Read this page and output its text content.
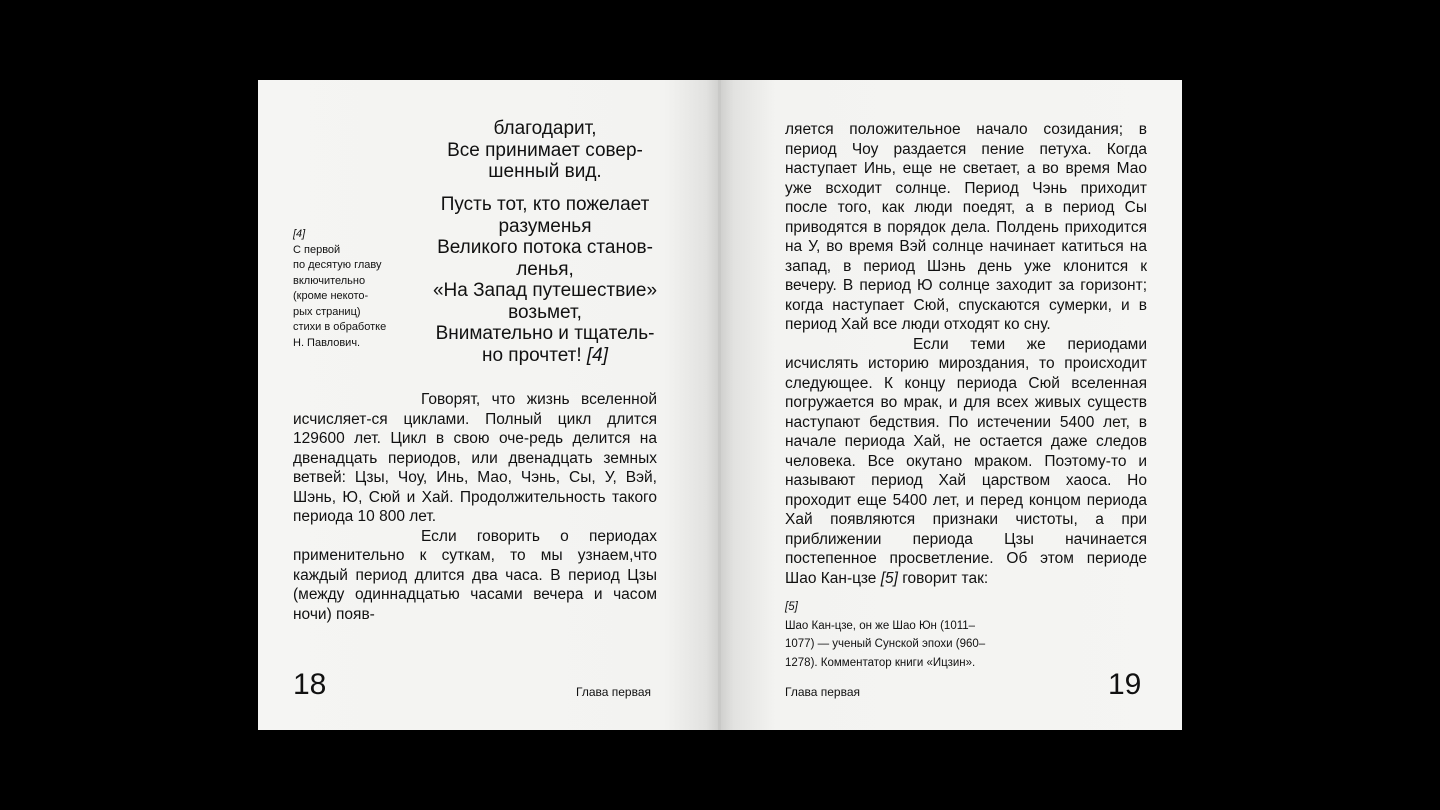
благодарит,

Все принимает совер-

шенный вид.

Пусть тот, кто пожелает

разуменья

Великого потока станов-

ленья,

«На Запад путешествие»

возьмет,

Внимательно и тщатель-

но прочтет! [4]

[4]
С первой
по десятую главу
включительно
(кроме некото-
рых страниц)
стихи в обработке
Н. Павлович.

Говорят, что жизнь вселенной исчисляет-ся циклами. Полный цикл длится 129600 лет. Цикл в свою оче-редь делится на двенадцать периодов, или двенадцать земных ветвей: Цзы, Чоу, Инь, Мао, Чэнь, Сы, У, Вэй, Шэнь, Ю, Сюй и Хай. Продолжительность такого периода 10 800 лет.

Если говорить о периодах применительно к суткам, то мы узнаем,что каждый период длится два часа. В период Цзы (между одиннадцатью часами вечера и часом ночи) появ-

ляется положительное начало созидания; в период Чоу раздается пение петуха. Когда наступает Инь, еще не светает, а во время Мао уже всходит солнце. Период Чэнь приходит после того, как люди поедят, а в период Сы приводятся в порядок дела. Полдень приходится на У, во время Вэй солнце начинает катиться на запад, в период Шэнь день уже клонится к вечеру. В период Ю солнце заходит за горизонт; когда наступает Сюй, спускаются сумерки, и в период Хай все люди отходят ко сну.

Если теми же периодами исчислять историю мироздания, то происходит следующее. К концу периода Сюй вселенная погружается во мрак, и для всех живых существ наступают бедствия. По истечении 5400 лет, в начале периода Хай, не остается даже следов человека. Все окутано мраком. Поэтому-то и называют период Хай царством хаоса. Но проходит еще 5400 лет, и перед концом периода Хай появляются признаки чистоты, а при приближении периода Цзы начинается постепенное просветление. Об этом периоде Шао Кан-цзе [5] говорит так:

[5]
Шао Кан-цзе, он же Шао Юн (1011–
1077) — ученый Сунской эпохи (960–
1278). Комментатор книги «Ицзин».
18	Глава первая	Глава первая	19
